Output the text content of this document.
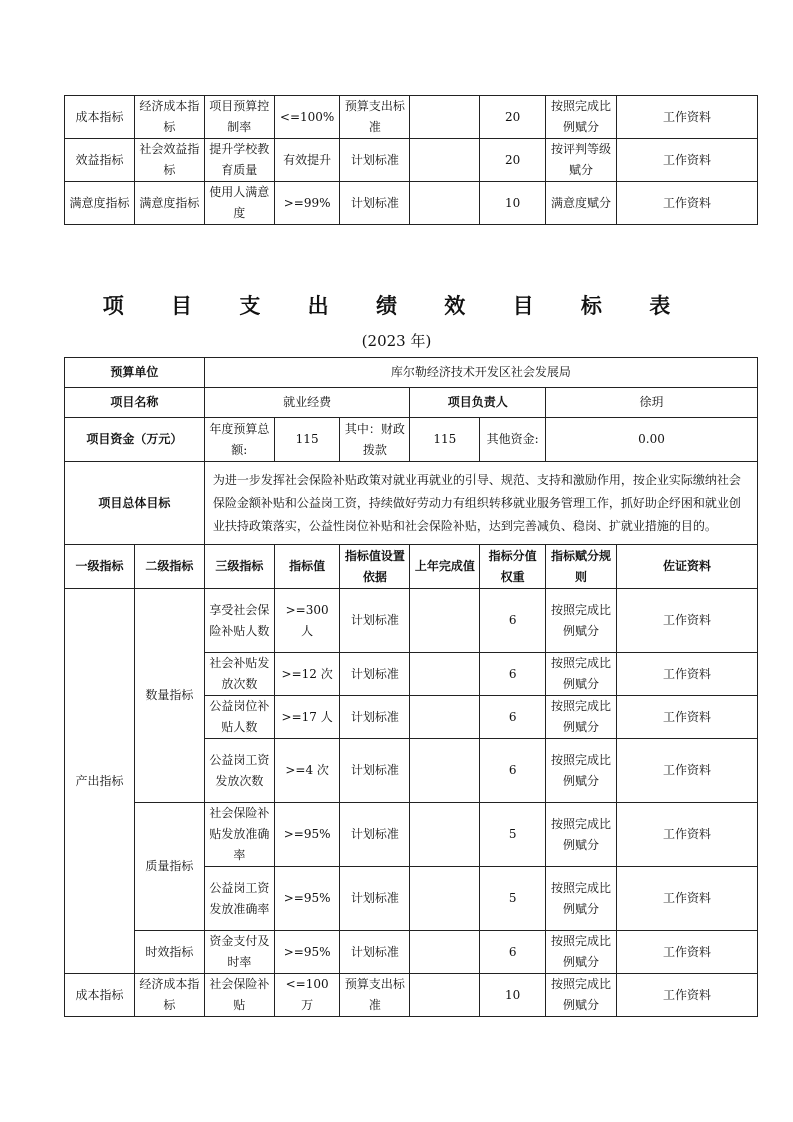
成本指标	经济成本指标	项目预算控制率	<=100%	预算支出标准		20	按照完成比例赋分	工作资料
效益指标	社会效益指标	提升学校教育质量	有效提升	计划标准		20	按评判等级赋分	工作资料
满意度指标	满意度指标	使用人满意度	>=99%	计划标准		10	满意度赋分	工作资料
项 目 支 出 绩 效 目 标 表
(2023 年)
预算单位		库尔勒经济技术开发区社会发展局						
项目名称		就业经费			项目负责人		徐玥	
项目资金（万元）		年度预算总额:	115	其中：财政拨款	115	其他资金:	0.00	
项目总体目标		为进一步发挥社会保险补贴政策对就业再就业的引导、规范、支持和激励作用，按企业实际缴纳社会保险金额补贴和公益岗工资，持续做好劳动力有组织转移就业服务管理工作，抓好助企纾困和就业创业扶持政策落实，公益性岗位补贴和社会保险补贴，达到完善减负、稳岗、扩就业措施的目的。						
一级指标	二级指标	三级指标	指标值	指标值设置依据	上年完成值	指标分值权重	指标赋分规则	佐证资料
产出指标	数量指标	享受社会保险补贴人数	>=300 人	计划标准		6	按照完成比例赋分	工作资料
		社会补贴发放次数	>=12 次	计划标准		6	按照完成比例赋分	工作资料
		公益岗位补贴人数	>=17 人	计划标准		6	按照完成比例赋分	工作资料
		公益岗工资发放次数	>=4 次	计划标准		6	按照完成比例赋分	工作资料
	质量指标	社会保险补贴发放准确率	>=95%	计划标准		5	按照完成比例赋分	工作资料
		公益岗工资发放准确率	>=95%	计划标准		5	按照完成比例赋分	工作资料
	时效指标	资金支付及时率	>=95%	计划标准		6	按照完成比例赋分	工作资料
成本指标	经济成本指标	社会保险补贴	<=100 万	预算支出标准		10	按照完成比例赋分	工作资料
